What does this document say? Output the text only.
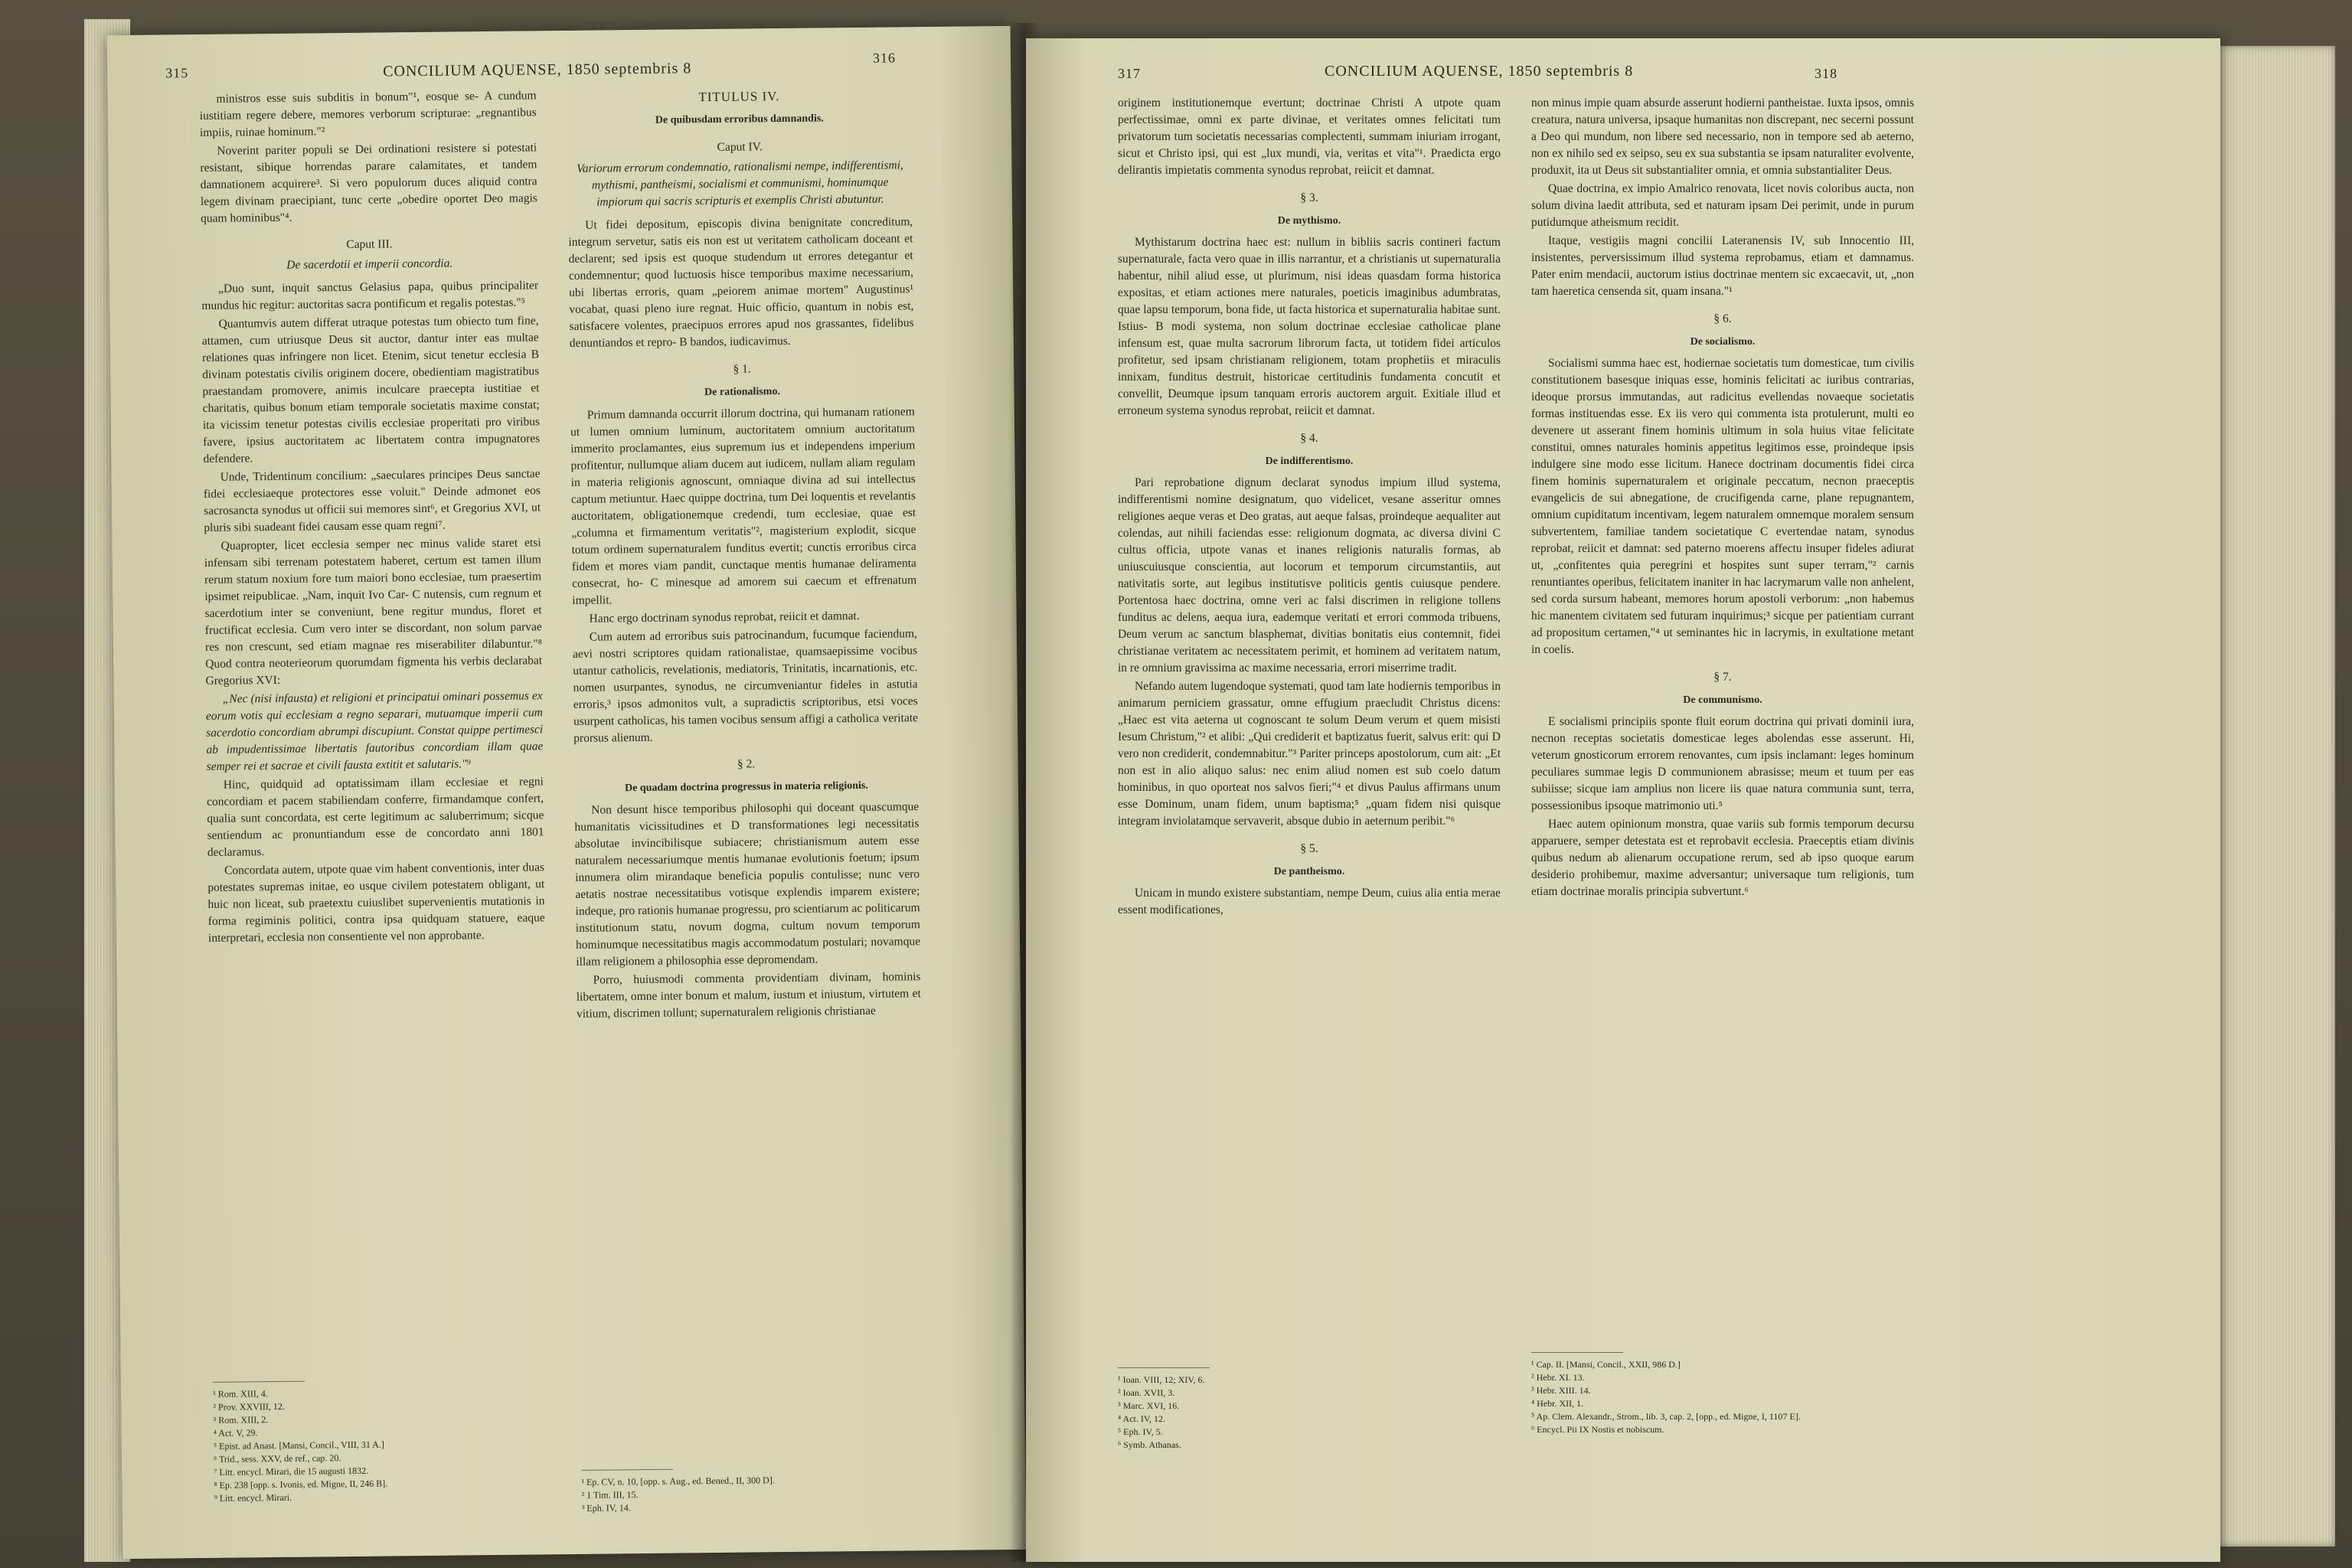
315	CONCILIUM AQUENSE, 1850 septembris 8
316

ministros esse suis subditis in bonum"¹, eosque se- A cundum iustitiam regere debere, memores verborum scripturae: „regnantibus impiis, ruinae hominum."²

Noverint pariter populi se Dei ordinationi resistere si potestati resistant, sibique horrendas parare calamitates, et tandem damnationem acquirere³. Si vero populorum duces aliquid contra legem divinam praecipiant, tunc certe „obedire oportet Deo magis quam hominibus"⁴.

Caput III.
De sacerdotii et imperii concordia.

„Duo sunt, inquit sanctus Gelasius papa, quibus principaliter mundus hic regitur: auctoritas sacra pontificum et regalis potestas."⁵

Quantumvis autem differat utraque potestas tum obiecto tum fine, attamen, cum utriusque Deus sit auctor, dantur inter eas multae relationes quas infringere non licet. Etenim, sicut tenetur ecclesia B divinam potestatis civilis originem docere, obedientiam magistratibus praestandam promovere, animis inculcare praecepta iustitiae et charitatis, quibus bonum etiam temporale societatis maxime constat; ita vicissim tenetur potestas civilis ecclesiae properitati pro viribus favere, ipsius auctoritatem ac libertatem contra impugnatores defendere.

Unde, Tridentinum concilium: „saeculares principes Deus sanctae fidei ecclesiaeque protectores esse voluit." Deinde admonet eos sacrosancta synodus ut officii sui memores sint⁶, et Gregorius XVI, ut pluris sibi suadeant fidei causam esse quam regni⁷.

Quapropter, licet ecclesia semper nec minus valide staret etsi infensam sibi terrenam potestatem haberet, certum est tamen illum rerum statum noxium fore tum maiori bono ecclesiae, tum praesertim ipsimet reipublicae. „Nam, inquit Ivo Car- C nutensis, cum regnum et sacerdotium inter se conveniunt, bene regitur mundus, floret et fructificat ecclesia. Cum vero inter se discordant, non solum parvae res non crescunt, sed etiam magnae res miserabiliter dilabuntur."⁸ Quod contra neoterieorum quorumdam figmenta his verbis declarabat Gregorius XVI:

„Nec (nisi infausta) et religioni et principatui ominari possemus ex eorum votis qui ecclesiam a regno separari, mutuamque imperii cum sacerdotio concordiam abrumpi discupiunt. Constat quippe pertimesci ab impudentissimae libertatis fautoribus concordiam illam quae semper rei et sacrae et civili fausta extitit et salutaris."⁹

Hinc, quidquid ad optatissimam illam ecclesiae et regni concordiam et pacem stabiliendam conferre, firmandamque confert, qualia sunt concordata, est certe legitimum ac saluberrimum; sicque sentiendum ac pronuntiandum esse de concordato anni 1801 declaramus.

Concordata autem, utpote quae vim habent conventionis, inter duas potestates supremas initae, eo usque civilem potestatem obligant, ut huic non liceat, sub praetextu cuiuslibet supervenientis mutationis in forma regiminis politici, contra ipsa quidquam statuere, eaque interpretari, ecclesia non consentiente vel non approbante.

¹ Rom. XIII, 4.
² Prov. XXVIII, 12.
³ Rom. XIII, 2.
⁴ Act. V, 29.
⁵ Epist. ad Anast. [Mansi, Concil., VIII, 31 A.]
⁶ Trid., sess. XXV, de ref., cap. 20.
⁷ Litt. encycl. Mirari, die 15 augusti 1832.
⁸ Ep. 238 [opp. s. Ivonis, ed. Migne, II, 246 B].
⁹ Litt. encycl. Mirari.
TITULUS IV.
De quibusdam erroribus damnandis.
Caput IV.
Variorum errorum condemnatio, rationalismi nempe, indifferentismi, mythismi, pantheismi, socialismi et communismi, hominumque impiorum qui sacris scripturis et exemplis Christi abutuntur.

Ut fidei depositum, episcopis divina benignitate concreditum, integrum servetur, satis eis non est ut veritatem catholicam doceant et declarent; sed ipsis est quoque studendum ut errores detegantur et condemnentur; quod luctuosis hisce temporibus maxime necessarium, ubi libertas erroris, quam „peiorem animae mortem" Augustinus¹ vocabat, quasi pleno iure regnat. Huic officio, quantum in nobis est, satisfacere volentes, praecipuos errores apud nos grassantes, fidelibus denuntiandos et repro- B bandos, iudicavimus.

§ 1.
De rationalismo.

Primum damnanda occurrit illorum doctrina, qui humanam rationem ut lumen omnium luminum, auctoritatem omnium auctoritatum immerito proclamantes, eius supremum ius et independens imperium profitentur, nullumque aliam ducem aut iudicem, nullam aliam regulam in materia religionis agnoscunt, omniaque divina ad sui intellectus captum metiuntur. Haec quippe doctrina, tum Dei loquentis et revelantis auctoritatem, obligationemque credendi, tum ecclesiae, quae est „columna et firmamentum veritatis"², magisterium explodit, sicque totum ordinem supernaturalem funditus evertit; cunctis erroribus circa fidem et mores viam pandit, cunctaque mentis humanae deliramenta consecrat, ho- C minesque ad amorem sui caecum et effrenatum impellit.

Hanc ergo doctrinam synodus reprobat, reiicit et damnat.

Cum autem ad erroribus suis patrocinandum, fucumque faciendum, aevi nostri scriptores quidam rationalistae, quamsaepissime vocibus utantur catholicis, revelationis, mediatoris, Trinitatis, incarnationis, etc. nomen usurpantes, synodus, ne circumveniantur fideles in astutia erroris,³ ipsos admonitos vult, a supradictis scriptoribus, etsi voces usurpent catholicas, his tamen vocibus sensum affigi a catholica veritate prorsus alienum.

§ 2.
De quadam doctrina progressus in materia religionis.

Non desunt hisce temporibus philosophi qui doceant quascumque humanitatis vicissitudines et D transformationes legi necessitatis absolutae invincibilisque subiacere; christianismum autem esse naturalem necessariumque mentis humanae evolutionis foetum; ipsum innumera olim mirandaque beneficia populis contulisse; nunc vero aetatis nostrae necessitatibus votisque explendis imparem existere; indeque, pro rationis humanae progressu, pro scientiarum ac politicarum institutionum statu, novum dogma, cultum novum temporum hominumque necessitatibus magis accommodatum postulari; novamque illam religionem a philosophia esse depromendam.

Porro, huiusmodi commenta providentiam divinam, hominis libertatem, omne inter bonum et malum, iustum et iniustum, virtutem et vitium, discrimen tollunt; supernaturalem religionis christianae

¹ Ep. CV, n. 10, [opp. s. Aug., ed. Bened., II, 300 D].
² 1 Tim. III, 15.
³ Eph. IV, 14.
317	CONCILIUM AQUENSE, 1850 septembris 8	318

originem institutionemque evertunt; doctrinae Christi A utpote quam perfectissimae, omni ex parte divinae, et veritates omnes felicitati tum privatorum tum societatis necessarias complectenti, summam iniuriam irrogant, sicut et Christo ipsi, qui est „lux mundi, via, veritas et vita"¹. Praedicta ergo delirantis impietatis commenta synodus reprobat, reiicit et damnat.

§ 3.
De mythismo.

Mythistarum doctrina haec est: nullum in bibliis sacris contineri factum supernaturale, facta vero quae in illis narrantur, et a christianis ut supernaturalia habentur, nihil aliud esse, ut plurimum, nisi ideas quasdam forma historica expositas, et etiam actiones mere naturales, poeticis imaginibus adumbratas, quae lapsu temporum, bona fide, ut facta historica et supernaturalia habitae sunt. Istius- B modi systema, non solum doctrinae ecclesiae catholicae plane infensum est, quae multa sacrorum librorum facta, ut totidem fidei articulos profitetur, sed ipsam christianam religionem, totam prophetiis et miraculis innixam, funditus destruit, historicae certitudinis fundamenta concutit et convellit, Deumque ipsum tanquam erroris auctorem arguit. Exitiale illud et erroneum systema synodus reprobat, reiicit et damnat.

§ 4.
De indifferentismo.

Pari reprobatione dignum declarat synodus impium illud systema, indifferentismi nomine designatum, quo videlicet, vesane asseritur omnes religiones aeque veras et Deo gratas, aut aeque falsas, proindeque aequaliter aut colendas, aut nihili faciendas esse: religionum dogmata, ac diversa divini C cultus officia, utpote vanas et inanes religionis naturalis formas, ab uniuscuiusque conscientia, aut locorum et temporum circumstantiis, aut nativitatis sorte, aut legibus institutisve politicis gentis cuiusque pendere. Portentosa haec doctrina, omne veri ac falsi discrimen in religione tollens funditus ac delens, aequa iura, eademque veritati et errori commoda tribuens, Deum verum ac sanctum blasphemat, divitias bonitatis eius contemnit, fidei christianae veritatem ac necessitatem perimit, et hominem ad veritatem natum, in re omnium gravissima ac maxime necessaria, errori miserrime tradit.

Nefando autem lugendoque systemati, quod tam late hodiernis temporibus in animarum perniciem grassatur, omne effugium praecludit Christus dicens: „Haec est vita aeterna ut cognoscant te solum Deum verum et quem misisti Iesum Christum,"² et alibi: „Qui crediderit et baptizatus fuerit, salvus erit: qui D vero non crediderit, condemnabitur."³ Pariter princeps apostolorum, cum ait: „Et non est in alio aliquo salus: nec enim aliud nomen est sub coelo datum hominibus, in quo oporteat nos salvos fieri;"⁴ et divus Paulus affirmans unum esse Dominum, unam fidem, unum baptisma;⁵ „quam fidem nisi quisque integram inviolatamque servaverit, absque dubio in aeternum peribit."⁶

§ 5.
De pantheismo.

Unicam in mundo existere substantiam, nempe Deum, cuius alia entia merae essent modificationes,

¹ Ioan. VIII, 12; XIV, 6.
² Ioan. XVII, 3.
³ Marc. XVI, 16.
⁴ Act. IV, 12.
⁵ Eph. IV, 5.
⁶ Symb. Athanas.

non minus impie quam absurde asserunt hodierni pantheistae. Iuxta ipsos, omnis creatura, natura universa, ipsaque humanitas non discrepant, nec secerni possunt a Deo qui mundum, non libere sed necessario, non in tempore sed ab aeterno, non ex nihilo sed ex seipso, seu ex sua substantia se ipsam naturaliter evolvente, produxit, ita ut Deus sit substantialiter omnia, et omnia substantialiter Deus.

Quae doctrina, ex impio Amalrico renovata, licet novis coloribus aucta, non solum divina laedit attributa, sed et naturam ipsam Dei perimit, unde in purum putidumque atheismum recidit.

Itaque, vestigiis magni concilii Lateranensis IV, sub Innocentio III, insistentes, perversissimum illud systema reprobamus, etiam et damnamus. Pater enim mendacii, auctorum istius doctrinae mentem sic excaecavit, ut, „non tam haeretica censenda sit, quam insana."¹

§ 6.
De socialismo.

Socialismi summa haec est, hodiernae societatis tum domesticae, tum civilis constitutionem basesque iniquas esse, hominis felicitati ac iuribus contrarias, ideoque prorsus immutandas, aut radicitus evellendas novaeque societatis formas instituendas esse. Ex iis vero qui commenta ista protulerunt, multi eo devenere ut asserant finem hominis ultimum in sola huius vitae felicitate constitui, omnes naturales hominis appetitus legitimos esse, proindeque ipsis indulgere sine modo esse licitum. Hanece doctrinam documentis fidei circa finem hominis supernaturalem et originale peccatum, necnon praeceptis evangelicis de sui abnegatione, de crucifigenda carne, plane repugnantem, omnium cupiditatum incentivam, legem naturalem omnemque moralem sensum subvertentem, familiae tandem societatique C evertendae natam, synodus reprobat, reiicit et damnat: sed paterno moerens affectu insuper fideles adiurat ut, „confitentes quia peregrini et hospites sunt super terram,"² carnis renuntiantes operibus, felicitatem inaniter in hac lacrymarum valle non anhelent, sed corda sursum habeant, memores horum apostoli verborum: „non habemus hic manentem civitatem sed futuram inquirimus;³ sicque per patientiam currant ad propositum certamen,"⁴ ut seminantes hic in lacrymis, in exultatione metant in coelis.

§ 7.
De communismo.

E socialismi principiis sponte fluit eorum doctrina qui privati dominii iura, necnon receptas societatis domesticae leges abolendas esse asserunt. Hi, veterum gnosticorum errorem renovantes, cum ipsis inclamant: leges hominum peculiares summae legis D communionem abrasisse; meum et tuum per eas subiisse; sicque iam amplius non licere iis quae natura communia sunt, terra, possessionibus ipsoque matrimonio uti.⁵

Haec autem opinionum monstra, quae variis sub formis temporum decursu apparuere, semper detestata est et reprobavit ecclesia. Praeceptis etiam divinis quibus nedum ab alienarum occupatione rerum, sed ab ipso quoque earum desiderio prohibemur, maxime adversantur; universaque tum religionis, tum etiam doctrinae moralis principia subvertunt.⁶

¹ Cap. II. [Mansi, Concil., XXII, 986 D.]
² Hebr. XI. 13.
³ Hebr. XIII. 14.
⁴ Hebr. XII, 1.
⁵ Ap. Clem. Alexandr., Strom., lib. 3, cap. 2, [opp., ed. Migne, I, 1107 E].
⁶ Encycl. Pii IX Nostis et nobiscum.
